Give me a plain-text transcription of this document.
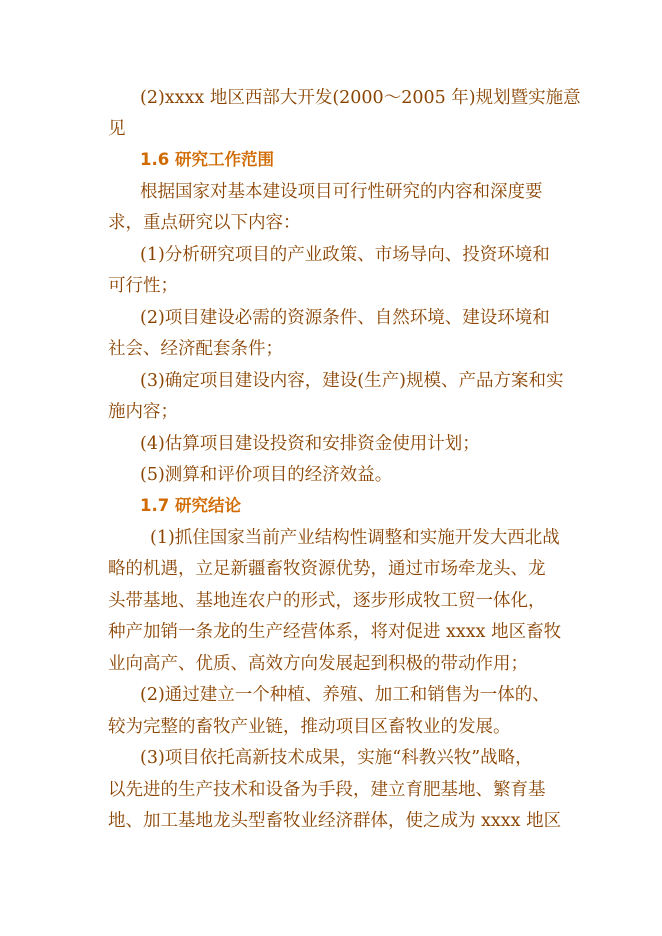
(2)xxxx 地区西部大开发(2000～2005 年)规划暨实施意

见

1.6 研究工作范围

根据国家对基本建设项目可行性研究的内容和深度要

求，重点研究以下内容：

(1)分析研究项目的产业政策、市场导向、投资环境和

可行性；

(2)项目建设必需的资源条件、自然环境、建设环境和

社会、经济配套条件；

(3)确定项目建设内容，建设(生产)规模、产品方案和实

施内容；

(4)估算项目建设投资和安排资金使用计划；

(5)测算和评价项目的经济效益。

1.7 研究结论

(1)抓住国家当前产业结构性调整和实施开发大西北战

略的机遇，立足新疆畜牧资源优势，通过市场牵龙头、龙

头带基地、基地连农户的形式，逐步形成牧工贸一体化，

种产加销一条龙的生产经营体系，将对促进 xxxx 地区畜牧

业向高产、优质、高效方向发展起到积极的带动作用；

(2)通过建立一个种植、养殖、加工和销售为一体的、

较为完整的畜牧产业链，推动项目区畜牧业的发展。

(3)项目依托高新技术成果，实施“科教兴牧”战略，

以先进的生产技术和设备为手段，建立育肥基地、繁育基

地、加工基地龙头型畜牧业经济群体，使之成为 xxxx 地区
